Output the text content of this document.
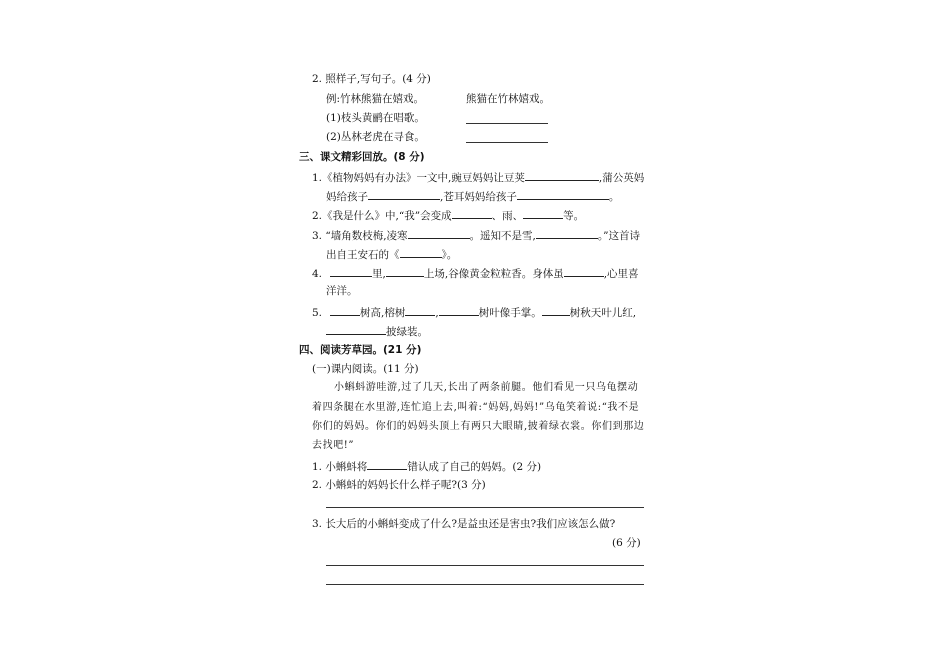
2. 照样子,写句子。(4 分)
例:竹林熊猫在嬉戏。	熊猫在竹林嬉戏。
(1)枝头黄鹂在唱歌。
(2)丛林老虎在寻食。
三、课文精彩回放。(8 分)
1.《植物妈妈有办法》一文中,豌豆妈妈让豆荚	,蒲公英妈
妈给孩子	,苍耳妈妈给孩子	。
2.《我是什么》中,“我”会变成	、雨、	等。
3. “墙角数枝梅,凌寒	。遥知不是雪,	。”这首诗
出自王安石的《	》。
4.	里,	上场,谷像黄金粒粒香。身体虽	,心里喜
洋洋。
5.	树高,榕树	,	树叶像手掌。	树秋天叶儿红,
披绿装。
四、阅读芳草园。(21 分)
(一)课内阅读。(11 分)
小蝌蚪游哇游,过了几天,长出了两条前腿。他们看见一只乌龟摆动
着四条腿在水里游,连忙追上去,叫着:“妈妈,妈妈!”乌龟笑着说:“我不是
你们的妈妈。你们的妈妈头顶上有两只大眼睛,披着绿衣裳。你们到那边
去找吧!”
1. 小蝌蚪将	错认成了自己的妈妈。(2 分)
2. 小蝌蚪的妈妈长什么样子呢?(3 分)
3. 长大后的小蝌蚪变成了什么?是益虫还是害虫?我们应该怎么做?
(6 分)
